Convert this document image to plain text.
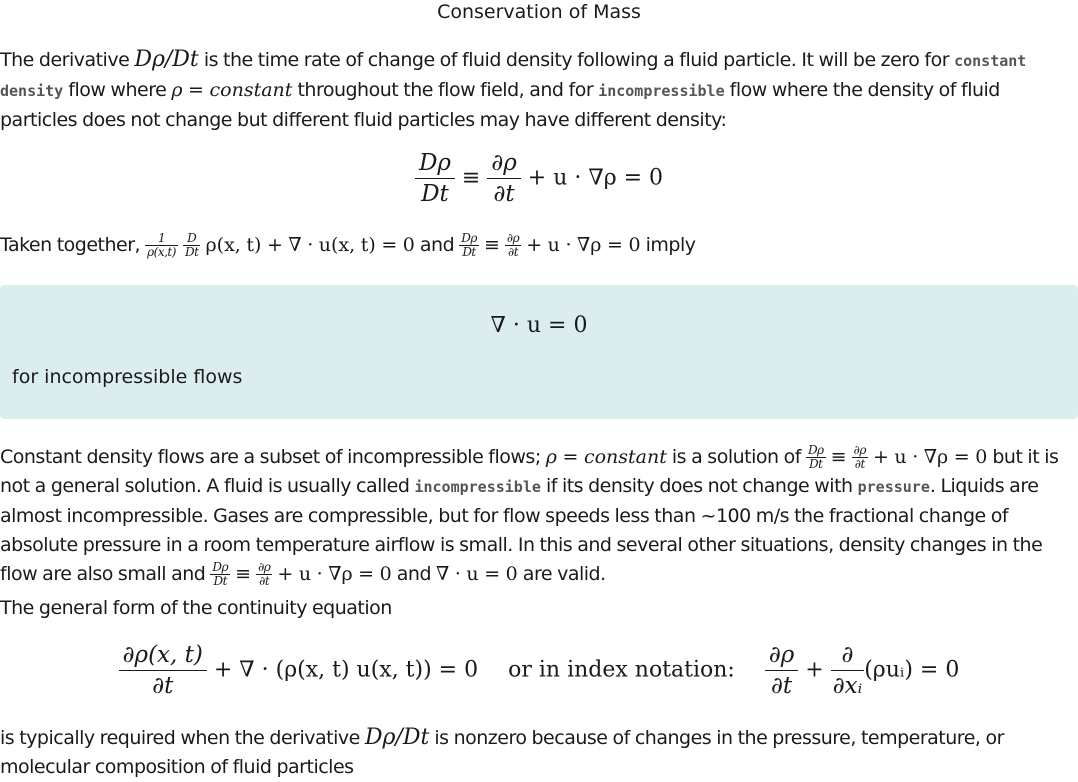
Conservation of Mass
The derivative Dρ/Dt is the time rate of change of fluid density following a fluid particle. It will be zero for constant density flow where ρ = constant throughout the flow field, and for incompressible flow where the density of fluid particles does not change but different fluid particles may have different density:
$\frac{D\rho}{Dt} \equiv \frac{\partial\rho}{\partial t} + u \cdot \nabla\rho = 0$
Taken together, $\frac{1}{\rho(x,t)}$
$\frac{D}{Dt} \rho(x$, t) + ∇ · u(x, t) = 0 and $\frac{D\rho}{Dt} \equiv \frac{\partial\rho}{\partial t} + u \cdot \nabla\rho = 0$ imply
∇ · u = 0
for incompressible flows
Constant density flows are a subset of incompressible flows; ρ = constant is a solution of $\frac{D\rho}{Dt} \equiv \frac{\partial\rho}{\partial t} + u \cdot \nabla\rho = 0$ but it is not a general solution. A fluid is usually called incompressible if its density does not change with pressure. Liquids are almost incompressible. Gases are compressible, but for flow speeds less than ~100 m/s the fractional change of absolute pressure in a room temperature airflow is small. In this and several other situations, density changes in the flow are also small and $\frac{D\rho}{Dt} \equiv \frac{\partial\rho}{\partial t} + u \cdot \nabla\rho = 0$ and ∇ · u = 0 are valid.
The general form of the continuity equation
$\frac{\partial\rho(x, t)}{\partial t}$ + ∇ · (ρ(x, t) u(x, t)) = 0 or in index notation: $\frac{\partial\rho}{\partial t} + \frac{\partial}{\text{∂xᵢ}}$ (ρuᵢ) = 0
is typically required when the derivative Dρ/Dt is nonzero because of changes in the pressure, temperature, or molecular composition of fluid particles
